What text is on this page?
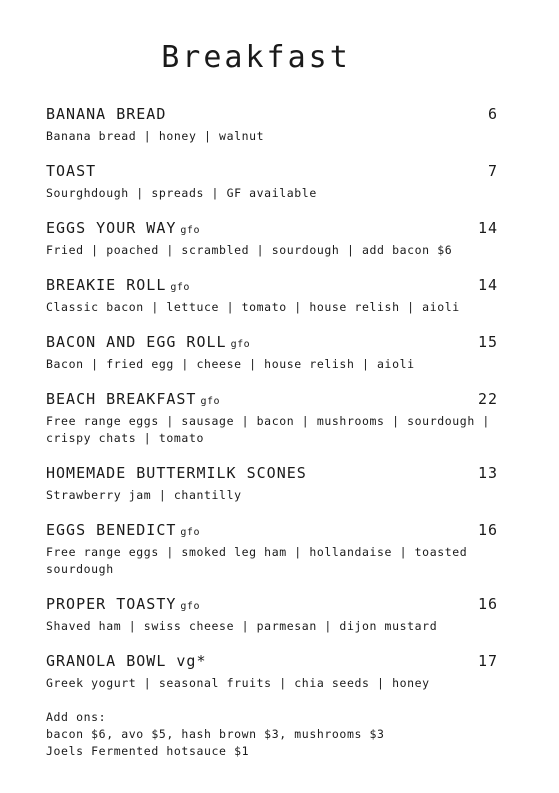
Breakfast
BANANA BREAD	6
Banana bread | honey | walnut
TOAST	7
Sourghdough | spreads | GF available
EGGS YOUR WAY gfo	14
Fried | poached | scrambled | sourdough | add bacon $6
BREAKIE ROLL gfo	14
Classic bacon | lettuce | tomato | house relish | aioli
BACON AND EGG ROLL gfo	15
Bacon | fried egg | cheese | house relish | aioli
BEACH BREAKFAST gfo	22
Free range eggs | sausage | bacon | mushrooms | sourdough | crispy chats | tomato
HOMEMADE BUTTERMILK SCONES	13
Strawberry jam | chantilly
EGGS BENEDICT gfo	16
Free range eggs | smoked leg ham | hollandaise | toasted sourdough
PROPER TOASTY gfo	16
Shaved ham | swiss cheese | parmesan | dijon mustard
GRANOLA BOWL vg*	17
Greek yogurt | seasonal fruits | chia seeds | honey
Add ons:
bacon $6, avo $5, hash brown $3, mushrooms $3
Joels Fermented hotsauce $1
